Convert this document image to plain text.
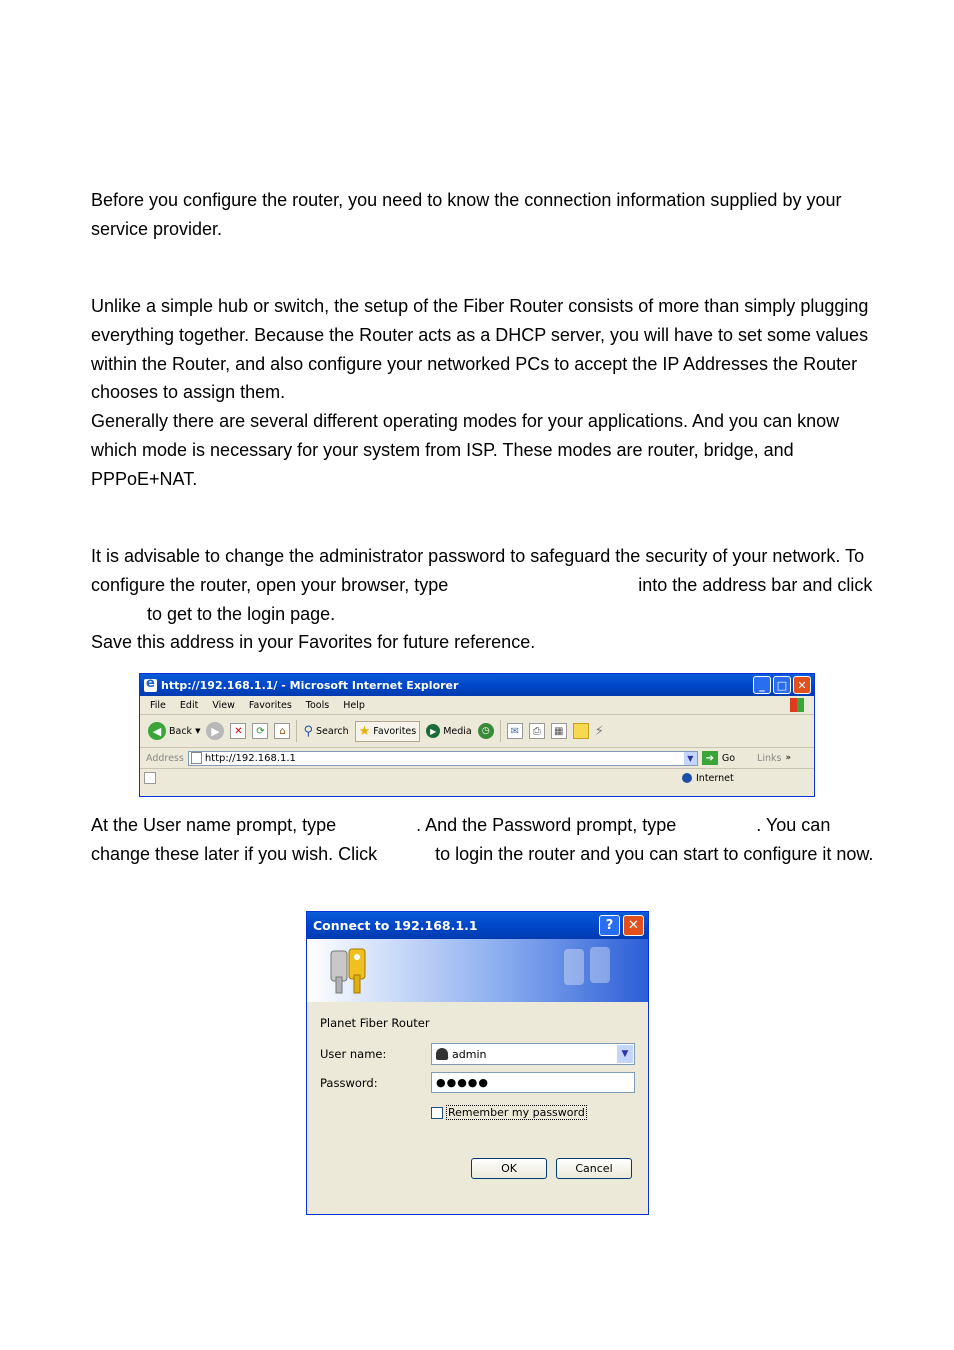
Before you configure the router, you need to know the connection information supplied by your service provider.

Unlike a simple hub or switch, the setup of the Fiber Router consists of more than simply plugging everything together. Because the Router acts as a DHCP server, you will have to set some values within the Router, and also configure your networked PCs to accept the IP Addresses the Router chooses to assign them.

Generally there are several different operating modes for your applications. And you can know which mode is necessary for your system from ISP. These modes are router, bridge, and PPPoE+NAT.

It is advisable to change the administrator password to safeguard the security of your network. To configure the router, open your browser, type	into the address bar and clickto get to the login page.

Save this address in your Favorites for future reference.

e
http://192.168.1.1/ - Microsoft Internet Explorer	_	□ ✕
File Edit View Favorites Tools Help
◀ Back ▼ ▶	✕	⟳	⌂	⚲ Search ★ Favorites	▶ Media	◷	✉	⎙	▦ ⚡
Address http://192.168.1.1	▼	➔ Go Links »
Internet

At the User name prompt, type	. And the Password prompt, type	. You can change these later if you wish. Click	to login the router and you can start to configure it now.

Connect to 192.168.1.1	?	✕
Planet Fiber Router
User name:	admin	▼
Password:	●●●●●
Remember my password
OK	Cancel
